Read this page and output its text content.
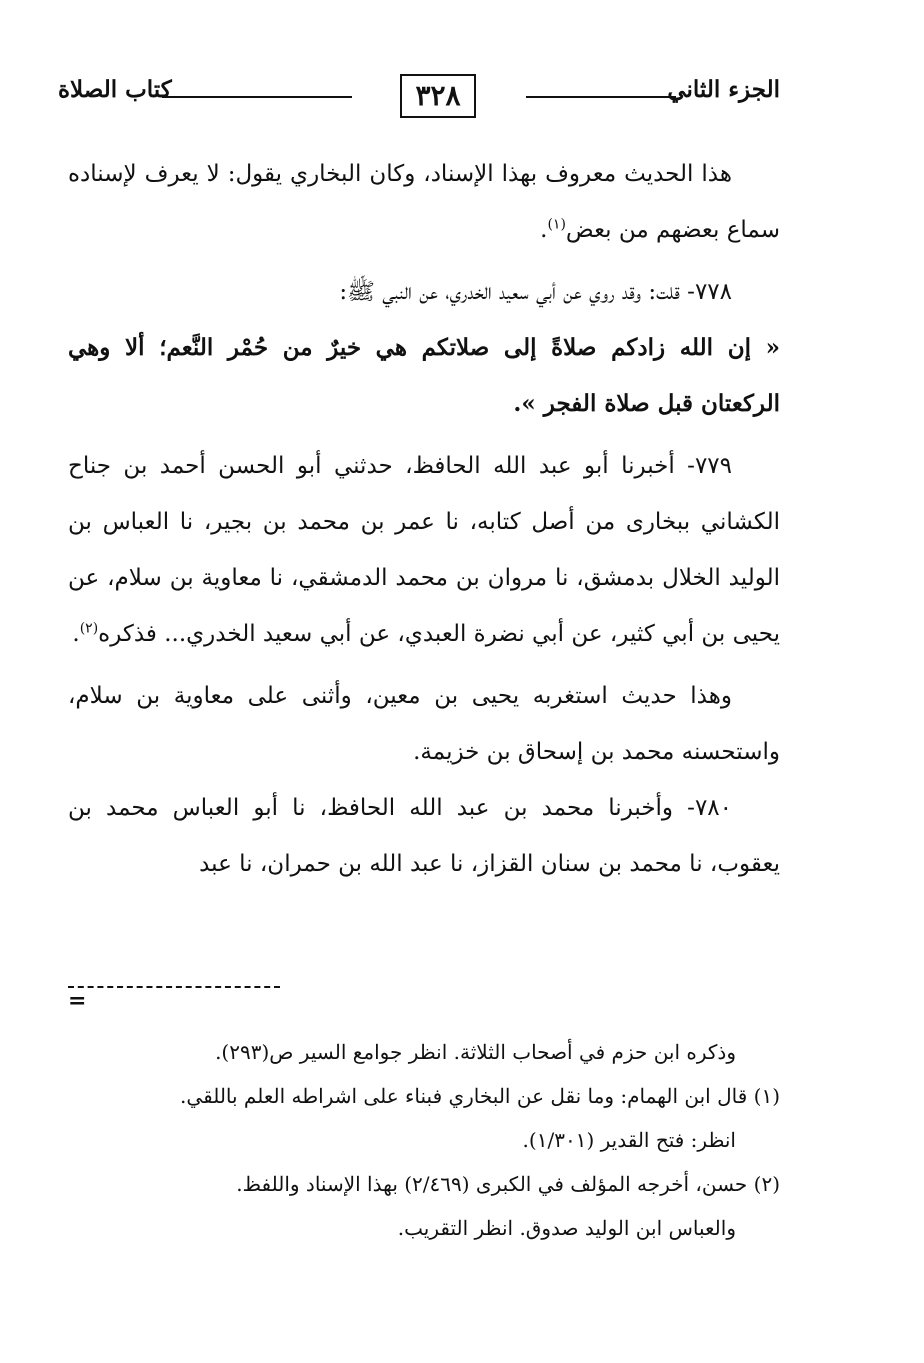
الجزء الثاني
٣٢٨
كتاب الصلاة

هذا الحديث معروف بهذا الإسناد، وكان البخاري يقول: لا يعرف لإسناده سماع بعضهم من بعض$^{(١)}$.

٧٧٨- قلت: وقد روي عن أبي سعيد الخدري، عن النبي ﷺ:

« إن الله زادكم صلاةً إلى صلاتكم هي خيرٌ من حُمْر النَّعم؛ ألا وهي الركعتان قبل صلاة الفجر ».

٧٧٩- أخبرنا أبو عبد الله الحافظ، حدثني أبو الحسن أحمد بن جناح الكشاني ببخارى من أصل كتابه، نا عمر بن محمد بن بجير، نا العباس بن الوليد الخلال بدمشق، نا مروان بن محمد الدمشقي، نا معاوية بن سلام، عن يحيى بن أبي كثير، عن أبي نضرة العبدي، عن أبي سعيد الخدري... فذكره$^{(٢)}$.

وهذا حديث استغربه يحيى بن معين، وأثنى على معاوية بن سلام، واستحسنه محمد بن إسحاق بن خزيمة.

٧٨٠- وأخبرنا محمد بن عبد الله الحافظ، نا أبو العباس محمد بن يعقوب، نا محمد بن سنان القزاز، نا عبد الله بن حمران، نا عبد

=

وذكره ابن حزم في أصحاب الثلاثة. انظر جوامع السير ص(٢٩٣).

(١) قال ابن الهمام: وما نقل عن البخاري فبناء على اشراطه العلم باللقي.

انظر: فتح القدير (١/٣٠١).

(٢) حسن، أخرجه المؤلف في الكبرى (٢/٤٦٩) بهذا الإسناد واللفظ.

والعباس ابن الوليد صدوق. انظر التقريب.
